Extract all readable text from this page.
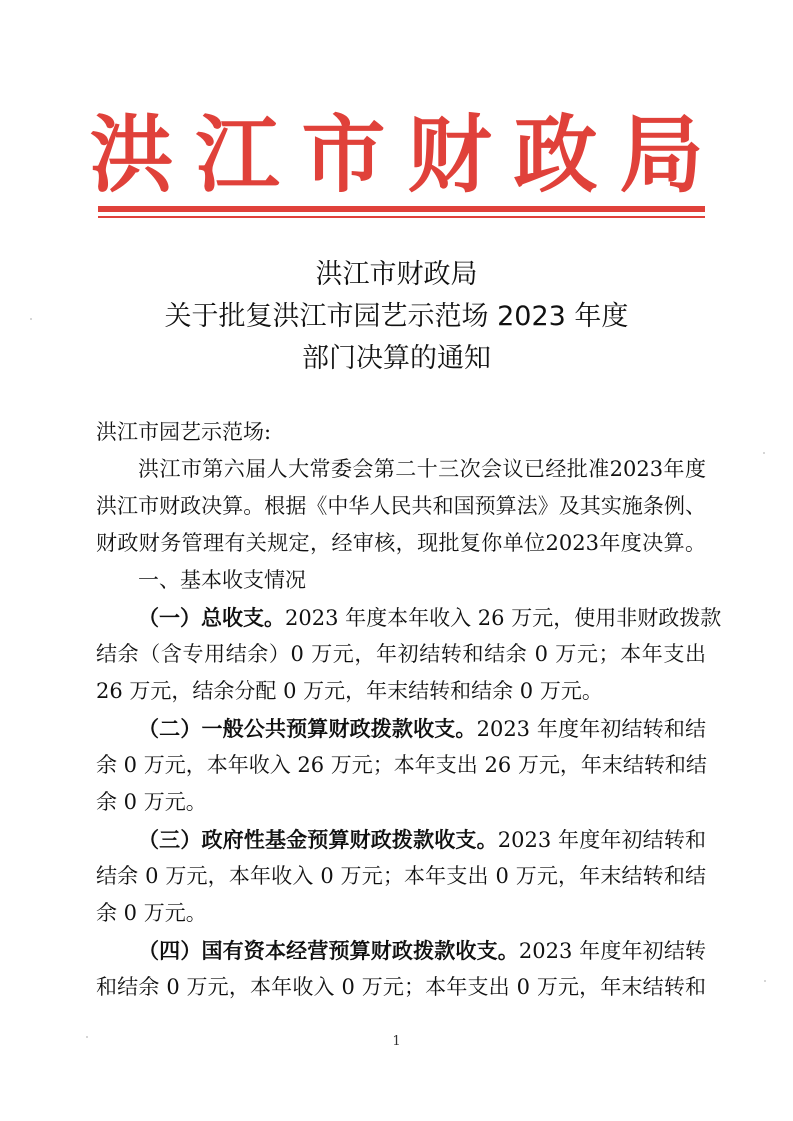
洪江市财政局
洪江市财政局
关于批复洪江市园艺示范场 2023 年度
部门决算的通知
洪江市园艺示范场:
洪江市第六届人大常委会第二十三次会议已经批准2023年度
洪江市财政决算。根据《中华人民共和国预算法》及其实施条例、
财政财务管理有关规定，经审核，现批复你单位2023年度决算。
一、基本收支情况
（一）总收支。2023 年度本年收入 26 万元，使用非财政拨款
结余（含专用结余）0 万元，年初结转和结余 0 万元；本年支出
26 万元，结余分配 0 万元，年末结转和结余 0 万元。
（二）一般公共预算财政拨款收支。2023 年度年初结转和结
余 0 万元，本年收入 26 万元；本年支出 26 万元，年末结转和结
余 0 万元。
（三）政府性基金预算财政拨款收支。2023 年度年初结转和
结余 0 万元，本年收入 0 万元；本年支出 0 万元，年末结转和结
余 0 万元。
（四）国有资本经营预算财政拨款收支。2023 年度年初结转
和结余 0 万元，本年收入 0 万元；本年支出 0 万元，年末结转和
1
